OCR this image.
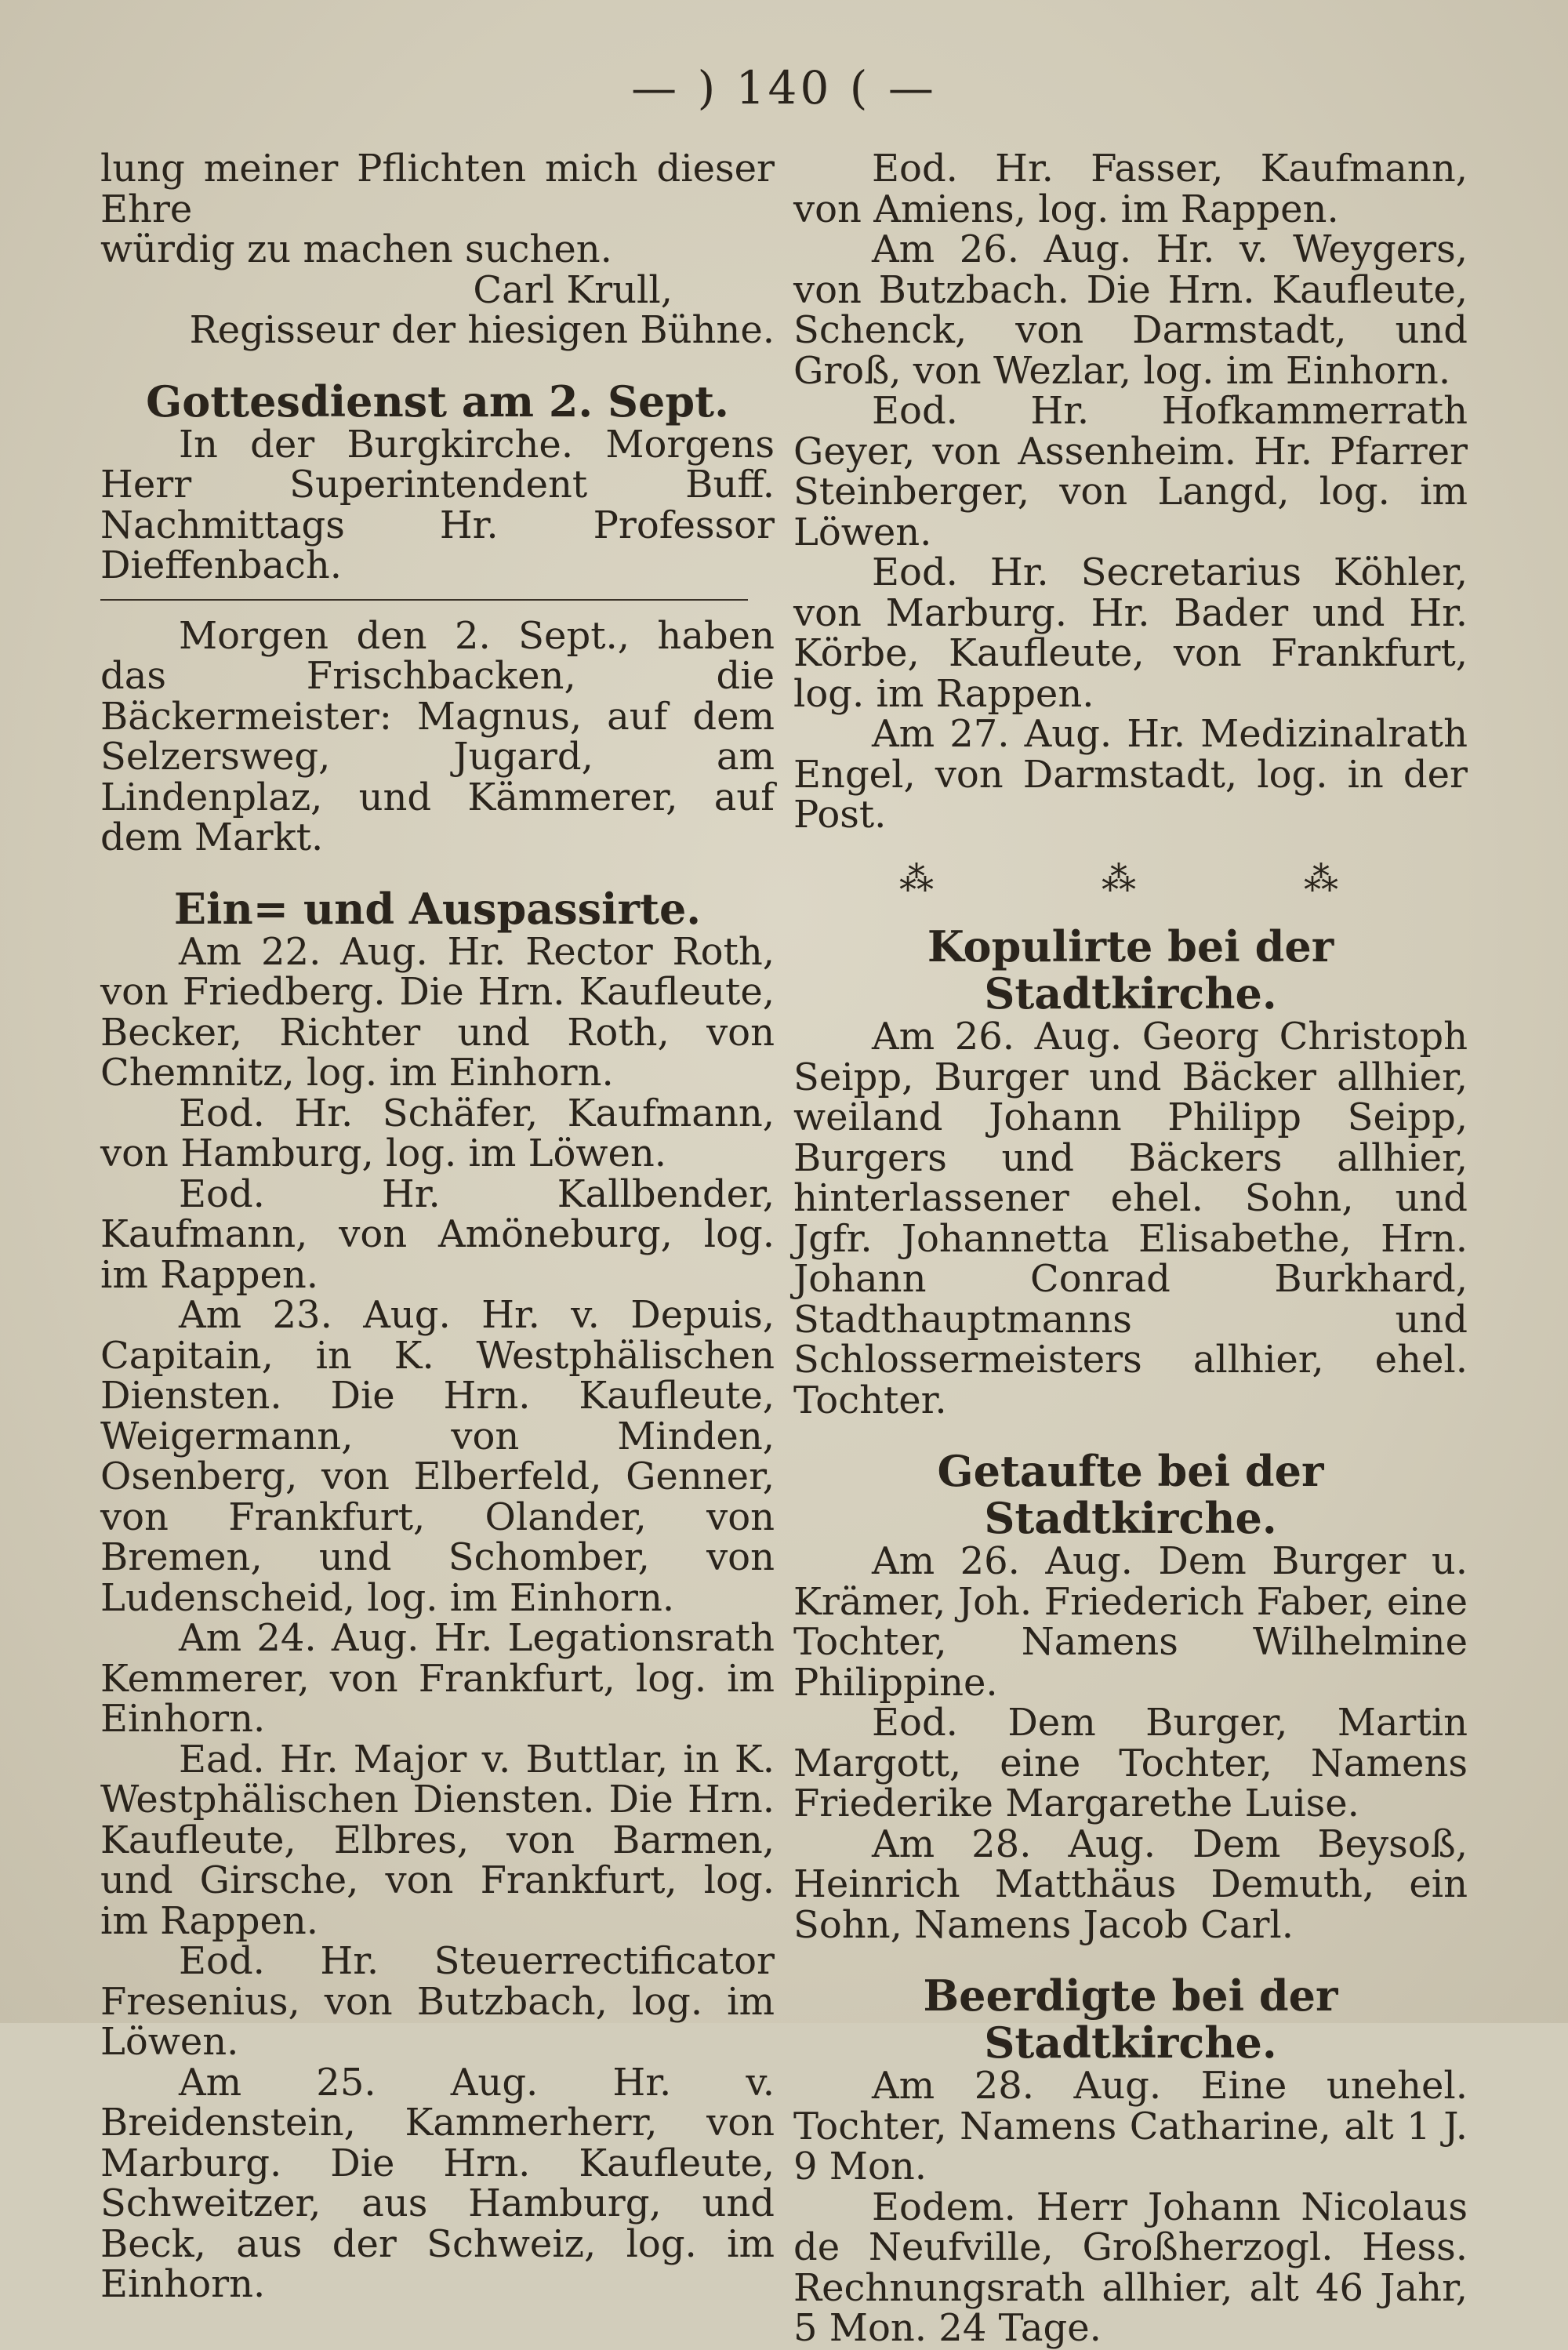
— ) 140 ( —

lung meiner Pflichten mich dieser Ehre

würdig zu machen suchen.

Carl Krull,

Regisseur der hiesigen Bühne.

Gottesdienst am 2. Sept.

In der Burgkirche. Morgens Herr Superintendent Buff. Nachmittags Hr. Professor Dieffenbach.

Morgen den 2. Sept., haben das Frischbacken, die Bäckermeister: Magnus, auf dem Selzersweg, Jugard, am Lindenplaz, und Kämmerer, auf dem Markt.

Ein= und Auspassirte.

Am 22. Aug. Hr. Rector Roth, von Friedberg. Die Hrn. Kaufleute, Becker, Richter und Roth, von Chemnitz, log. im Einhorn.

Eod. Hr. Schäfer, Kaufmann, von Hamburg, log. im Löwen.

Eod. Hr. Kallbender, Kaufmann, von Amöneburg, log. im Rappen.

Am 23. Aug. Hr. v. Depuis, Capitain, in K. Westphälischen Diensten. Die Hrn. Kaufleute, Weigermann, von Minden, Osenberg, von Elberfeld, Genner, von Frankfurt, Olander, von Bremen, und Schomber, von Ludenscheid, log. im Einhorn.

Am 24. Aug. Hr. Legationsrath Kemmerer, von Frankfurt, log. im Einhorn.

Ead. Hr. Major v. Buttlar, in K. Westphälischen Diensten. Die Hrn. Kaufleute, Elbres, von Barmen, und Girsche, von Frankfurt, log. im Rappen.

Eod. Hr. Steuerrectificator Fresenius, von Butzbach, log. im Löwen.

Am 25. Aug. Hr. v. Breidenstein, Kammerherr, von Marburg. Die Hrn. Kaufleute, Schweitzer, aus Hamburg, und Beck, aus der Schweiz, log. im Einhorn.

Eod. Hr. Fasser, Kaufmann, von Amiens, log. im Rappen.

Am 26. Aug. Hr. v. Weygers, von Butzbach. Die Hrn. Kaufleute, Schenck, von Darmstadt, und Groß, von Wezlar, log. im Einhorn.

Eod. Hr. Hofkammerrath Geyer, von Assenheim. Hr. Pfarrer Steinberger, von Langd, log. im Löwen.

Eod. Hr. Secretarius Köhler, von Marburg. Hr. Bader und Hr. Körbe, Kaufleute, von Frankfurt, log. im Rappen.

Am 27. Aug. Hr. Medizinalrath Engel, von Darmstadt, log. in der Post.

⁂	⁂	⁂

Kopulirte bei der Stadtkirche.

Am 26. Aug. Georg Christoph Seipp, Burger und Bäcker allhier, weiland Johann Philipp Seipp, Burgers und Bäckers allhier, hinterlassener ehel. Sohn, und Jgfr. Johannetta Elisabethe, Hrn. Johann Conrad Burkhard, Stadthauptmanns und Schlossermeisters allhier, ehel. Tochter.

Getaufte bei der Stadtkirche.

Am 26. Aug. Dem Burger u. Krämer, Joh. Friederich Faber, eine Tochter, Namens Wilhelmine Philippine.

Eod. Dem Burger, Martin Margott, eine Tochter, Namens Friederike Margarethe Luise.

Am 28. Aug. Dem Beysoß, Heinrich Matthäus Demuth, ein Sohn, Namens Jacob Carl.

Beerdigte bei der Stadtkirche.

Am 28. Aug. Eine unehel. Tochter, Namens Catharine, alt 1 J. 9 Mon.

Eodem. Herr Johann Nicolaus de Neufville, Großherzogl. Hess. Rechnungsrath allhier, alt 46 Jahr, 5 Mon. 24 Tage.
